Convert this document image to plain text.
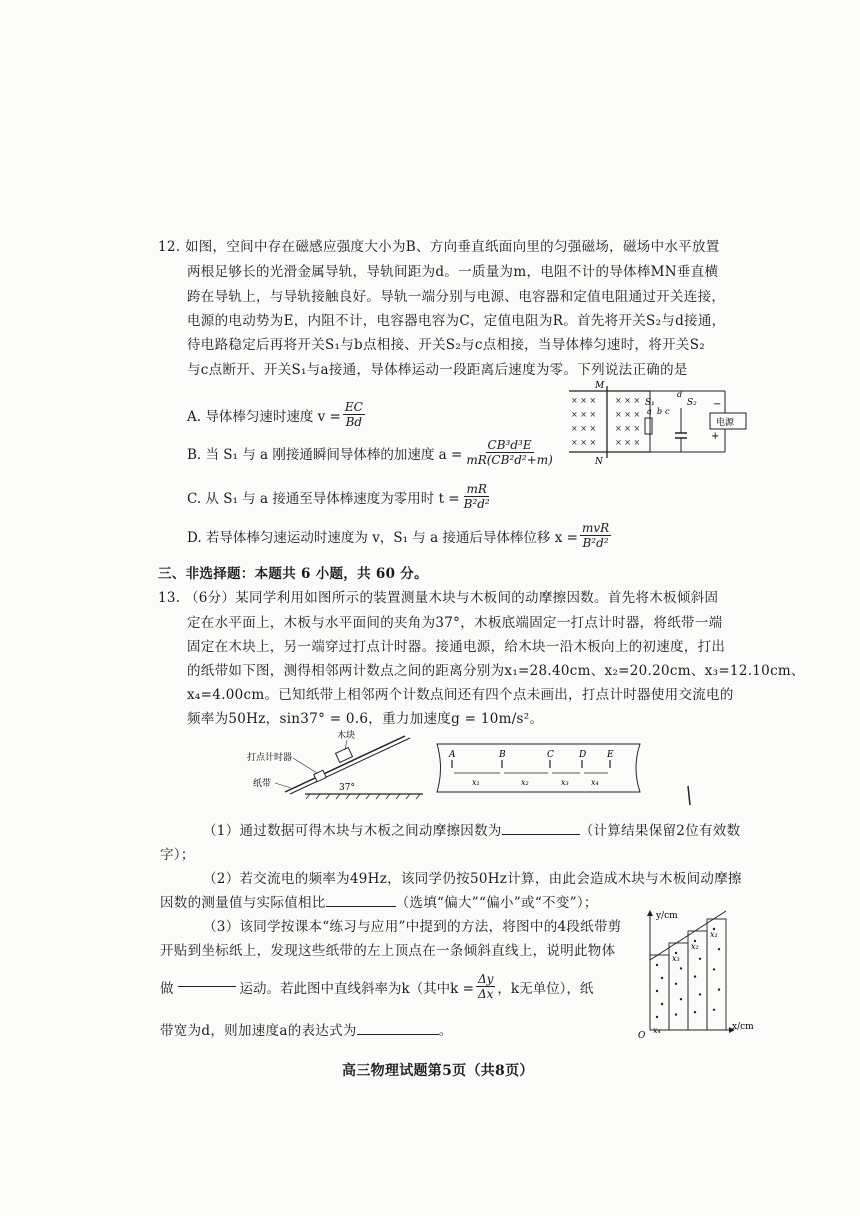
12. 如图，空间中存在磁感应强度大小为B、方向垂直纸面向里的匀强磁场，磁场中水平放置
两根足够长的光滑金属导轨，导轨间距为d。一质量为m，电阻不计的导体棒MN垂直横
跨在导轨上，与导轨接触良好。导轨一端分别与电源、电容器和定值电阻通过开关连接，
电源的电动势为E，内阻不计，电容器电容为C，定值电阻为R。首先将开关S₂与d接通，
待电路稳定后再将开关S₁与b点相接、开关S₂与c点相接，当导体棒匀速时，将开关S₂
与c点断开、开关S₁与a接通，导体棒运动一段距离后速度为零。下列说法正确的是
A. 导体棒匀速时速度 $v = \frac{EC}{Bd}$
B. 当 S₁ 与 a 刚接通瞬间导体棒的加速度 $a = \frac{\text{CB³d³E}}{\text{mR(CB²d²+m)}}$
C. 从 S₁ 与 a 接通至导体棒速度为零用时 $t = \frac{mR}{\text{B²d²}}$
D. 若导体棒匀速运动时速度为 v，S₁ 与 a 接通后导体棒位移 $x = \frac{\text{mvR}}{\text{B²d²}}$
× × × × × ×
× × × × × ×
× × × × × ×
× × × × × ×
M
N
S₁
a b c
d
S₂ −
电源
+
三、非选择题：本题共 6 小题，共 60 分。
13. （6分）某同学利用如图所示的装置测量木块与木板间的动摩擦因数。首先将木板倾斜固
定在水平面上，木板与水平面间的夹角为37°，木板底端固定一打点计时器，将纸带一端
固定在木块上，另一端穿过打点计时器。接通电源，给木块一沿木板向上的初速度，打出
的纸带如下图，测得相邻两计数点之间的距离分别为x₁=28.40cm、x₂=20.20cm、x₃=12.10cm、
x₄=4.00cm。已知纸带上相邻两个计数点间还有四个点未画出，打点计时器使用交流电的
频率为50Hz，sin37° = 0.6，重力加速度g = 10m/s²。
木块
打点计时器
纸带	37°
A	B	C	D E
x₁	x₂	x₃	x₄
（1）通过数据可得木块与木板之间动摩擦因数为	（计算结果保留2位有效数
字）；
（2）若交流电的频率为49Hz，该同学仍按50Hz计算，由此会造成木块与木板间动摩擦
因数的测量值与实际值相比	（选填“偏大”“偏小”或“不变”）；
（3）该同学按课本“练习与应用”中提到的方法，将图中的4段纸带剪
开贴到坐标纸上，发现这些纸带的左上顶点在一条倾斜直线上，说明此物体
做	运动。若此图中直线斜率为k（其中$k = \frac{\Delta y}{\Delta x}$ ，k无单位），纸
带宽为d，则加速度a的表达式为	。
y/cm
x/cm
O
x₄
x₃
x₂
x₁
高三物理试题第5页（共8页）
